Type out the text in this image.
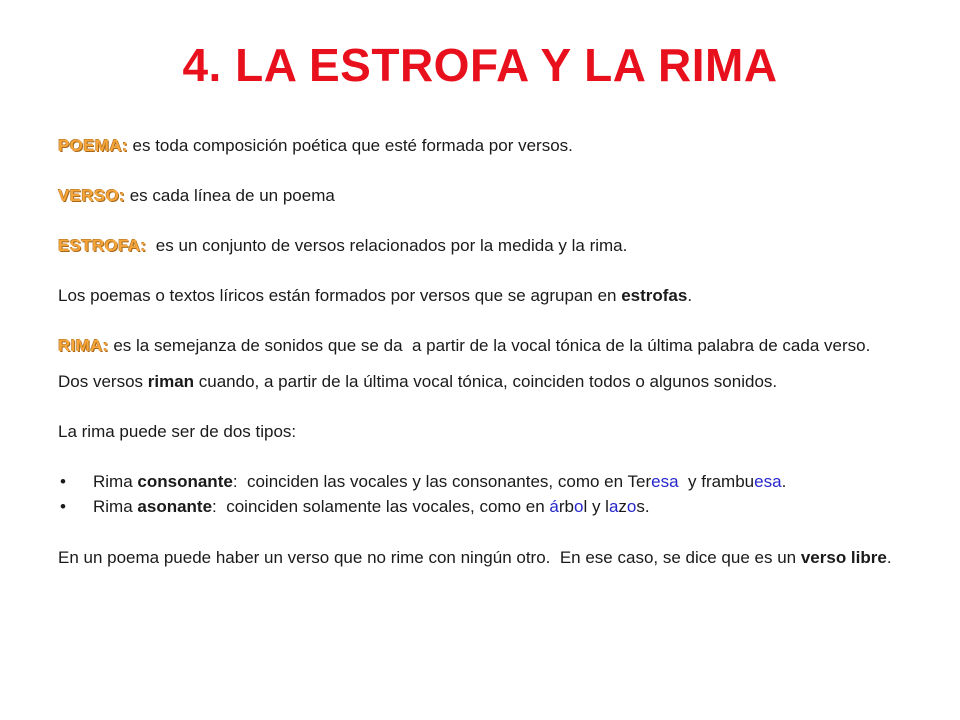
4. LA ESTROFA Y LA RIMA

POEMA: es toda composición poética que esté formada por versos.

VERSO: es cada línea de un poema

ESTROFA:  es un conjunto de versos relacionados por la medida y la rima.

Los poemas o textos líricos están formados por versos que se agrupan en estrofas.

RIMA: es la semejanza de sonidos que se da  a partir de la vocal tónica de la última palabra de cada verso.

Dos versos riman cuando, a partir de la última vocal tónica, coinciden todos o algunos sonidos.

La rima puede ser de dos tipos:

• Rima consonante:  coinciden las vocales y las consonantes, como en Teresa  y frambuesa.
• Rima asonante:  coinciden solamente las vocales, como en árbol y lazos.

En un poema puede haber un verso que no rime con ningún otro.  En ese caso, se dice que es un verso libre.
